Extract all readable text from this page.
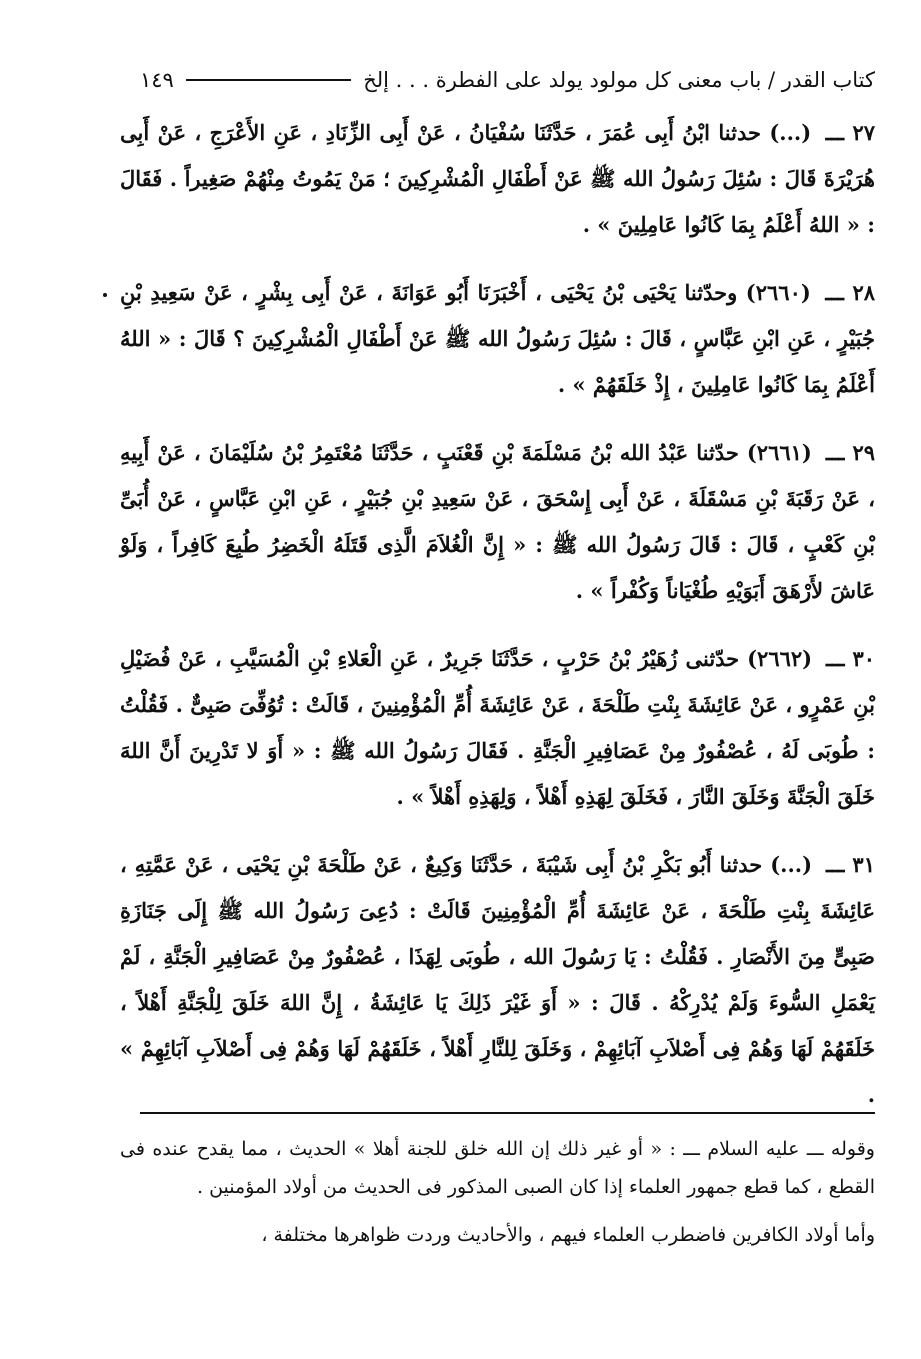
كتاب القدر / باب معنى كل مولود يولد على الفطرة . . . إلخ
١٤٩

٢٧ ـــ (...) حدثنا ابْنُ أَبِى عُمَرَ ، حَدَّثَنَا سُفْيَانُ ، عَنْ أَبِى الزِّنَادِ ، عَنِ الأَعْرَجِ ، عَنْ أَبِى هُرَيْرَةَ قَالَ : سُئِلَ رَسُولُ الله ﷺ عَنْ أَطْفَالِ الْمُشْرِكِينَ ؛ مَنْ يَمُوتُ مِنْهُمْ صَغِيراً . فَقَالَ : « اللهُ أَعْلَمُ بِمَا كَانُوا عَامِلِينَ » .

٢٨ ـــ (٢٦٦٠) وحدّثنا يَحْيَى بْنُ يَحْيَى ، أَخْبَرَنَا أَبُو عَوَانَةَ ، عَنْ أَبِى بِشْرٍ ، عَنْ سَعِيدِ بْنِ جُبَيْرٍ ، عَنِ ابْنِ عَبَّاسٍ ، قَالَ : سُئِلَ رَسُولُ الله ﷺ عَنْ أَطْفَالِ الْمُشْرِكِينَ ؟ قَالَ : « اللهُ أَعْلَمُ بِمَا كَانُوا عَامِلِينَ ، إِذْ خَلَقَهُمْ » .

٢٩ ـــ (٢٦٦١) حدّثنا عَبْدُ الله بْنُ مَسْلَمَةَ بْنِ قَعْنَبٍ ، حَدَّثَنَا مُعْتَمِرُ بْنُ سُلَيْمَانَ ، عَنْ أَبِيهِ ، عَنْ رَقَبَةَ بْنِ مَسْقَلَةَ ، عَنْ أَبِى إِسْحَقَ ، عَنْ سَعِيدِ بْنِ جُبَيْرٍ ، عَنِ ابْنِ عَبَّاسٍ ، عَنْ أُبَىِّ بْنِ كَعْبٍ ، قَالَ : قَالَ رَسُولُ الله ﷺ : « إِنَّ الْغُلاَمَ الَّذِى قَتَلَهُ الْخَضِرُ طُبِعَ كَافِراً ، وَلَوْ عَاشَ لأَرْهَقَ أَبَوَيْهِ طُغْيَاناً وَكُفْراً » .

٣٠ ـــ (٢٦٦٢) حدّثنى زُهَيْرُ بْنُ حَرْبٍ ، حَدَّثَنَا جَرِيرٌ ، عَنِ الْعَلاءِ بْنِ الْمُسَيَّبِ ، عَنْ فُضَيْلِ بْنِ عَمْرٍو ، عَنْ عَائِشَةَ بِنْتِ طَلْحَةَ ، عَنْ عَائِشَةَ أُمِّ الْمُؤْمِنِينَ ، قَالَتْ : تُوُفِّىَ صَبِىٌّ . فَقُلْتُ : طُوبَى لَهُ ، عُصْفُورٌ مِنْ عَصَافِيرِ الْجَنَّةِ . فَقَالَ رَسُولُ الله ﷺ : « أَوَ لا تَدْرِينَ أَنَّ اللهَ خَلَقَ الْجَنَّةَ وَخَلَقَ النَّارَ ، فَخَلَقَ لِهَذِهِ أَهْلاً ، وَلِهَذِهِ أَهْلاً » .

٣١ ـــ (...) حدثنا أَبُو بَكْرِ بْنُ أَبِى شَيْبَةَ ، حَدَّثَنَا وَكِيعٌ ، عَنْ طَلْحَةَ بْنِ يَحْيَى ، عَنْ عَمَّتِهِ ، عَائِشَةَ بِنْتِ طَلْحَةَ ، عَنْ عَائِشَةَ أُمِّ الْمُؤْمِنِينَ قَالَتْ : دُعِىَ رَسُولُ الله ﷺ إِلَى جَنَازَةِ صَبِىٍّ مِنَ الأَنْصَارِ . فَقُلْتُ : يَا رَسُولَ الله ، طُوبَى لِهَذَا ، عُصْفُورٌ مِنْ عَصَافِيرِ الْجَنَّةِ ، لَمْ يَعْمَلِ السُّوءَ وَلَمْ يُدْرِكْهُ . قَالَ : « أَوَ غَيْرَ ذَلِكَ يَا عَائِشَةُ ، إِنَّ اللهَ خَلَقَ لِلْجَنَّةِ أَهْلاً ، خَلَقَهُمْ لَهَا وَهُمْ فِى أَصْلاَبِ آبَائِهِمْ ، وَخَلَقَ لِلنَّارِ أَهْلاً ، خَلَقَهُمْ لَهَا وَهُمْ فِى أَصْلاَبِ آبَائِهِمْ » .

وقوله ـــ عليه السلام ـــ : « أو غير ذلك إن الله خلق للجنة أهلا » الحديث ، مما يقدح عنده فى القطع ، كما قطع جمهور العلماء إذا كان الصبى المذكور فى الحديث من أولاد المؤمنين .

وأما أولاد الكافرين فاضطرب العلماء فيهم ، والأحاديث وردت ظواهرها مختلفة ،
